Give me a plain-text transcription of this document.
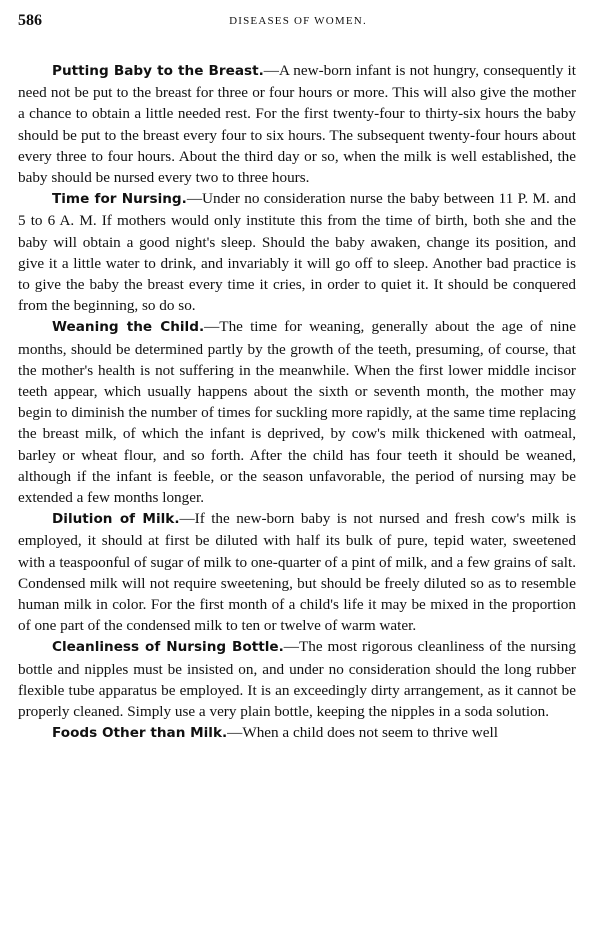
586	DISEASES OF WOMEN.

Putting Baby to the Breast.—A new-born infant is not hungry, consequently it need not be put to the breast for three or four hours or more. This will also give the mother a chance to obtain a little needed rest. For the first twenty-four to thirty-six hours the baby should be put to the breast every four to six hours. The subsequent twenty-four hours about every three to four hours. About the third day or so, when the milk is well established, the baby should be nursed every two to three hours.

Time for Nursing.—Under no consideration nurse the baby between 11 P. M. and 5 to 6 A. M. If mothers would only institute this from the time of birth, both she and the baby will obtain a good night's sleep. Should the baby awaken, change its position, and give it a little water to drink, and invariably it will go off to sleep. Another bad practice is to give the baby the breast every time it cries, in order to quiet it. It should be conquered from the beginning, so do so.

Weaning the Child.—The time for weaning, generally about the age of nine months, should be determined partly by the growth of the teeth, presuming, of course, that the mother's health is not suffering in the meanwhile. When the first lower middle incisor teeth appear, which usually happens about the sixth or seventh month, the mother may begin to diminish the number of times for suckling more rapidly, at the same time replacing the breast milk, of which the infant is deprived, by cow's milk thickened with oatmeal, barley or wheat flour, and so forth. After the child has four teeth it should be weaned, although if the infant is feeble, or the season unfavorable, the period of nursing may be extended a few months longer.

Dilution of Milk.—If the new-born baby is not nursed and fresh cow's milk is employed, it should at first be diluted with half its bulk of pure, tepid water, sweetened with a teaspoonful of sugar of milk to one-quarter of a pint of milk, and a few grains of salt. Condensed milk will not require sweetening, but should be freely diluted so as to resemble human milk in color. For the first month of a child's life it may be mixed in the proportion of one part of the condensed milk to ten or twelve of warm water.

Cleanliness of Nursing Bottle.—The most rigorous cleanliness of the nursing bottle and nipples must be insisted on, and under no consideration should the long rubber flexible tube apparatus be employed. It is an exceedingly dirty arrangement, as it cannot be properly cleaned. Simply use a very plain bottle, keeping the nipples in a soda solution.

Foods Other than Milk.—When a child does not seem to thrive well
